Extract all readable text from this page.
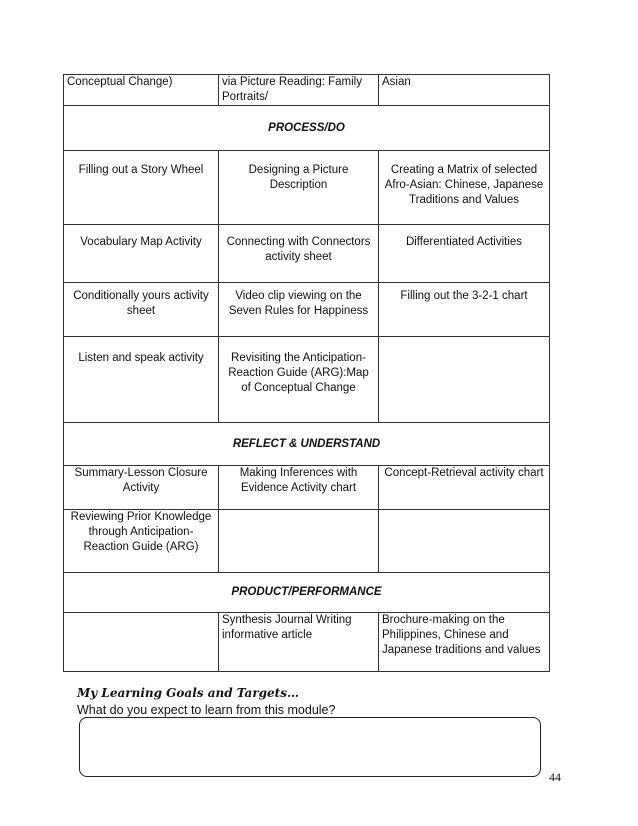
Conceptual Change)	via Picture Reading: Family Portraits/	Asian
PROCESS/DO		
Filling out a Story Wheel	Designing a Picture Description	Creating a Matrix of selected Afro-Asian: Chinese, Japanese Traditions and Values
Vocabulary Map Activity	Connecting with Connectors activity sheet	Differentiated Activities
Conditionally yours activity sheet	Video clip viewing on the Seven Rules for Happiness	Filling out the 3-2-1 chart
Listen and speak activity	Revisiting the Anticipation-Reaction Guide (ARG):Map of Conceptual Change	
REFLECT & UNDERSTAND		
Summary-Lesson Closure Activity	Making Inferences with Evidence Activity chart	Concept-Retrieval activity chart
Reviewing Prior Knowledge through Anticipation-Reaction Guide (ARG)		
PRODUCT/PERFORMANCE		
	Synthesis Journal Writing informative article	Brochure-making on the Philippines, Chinese and Japanese traditions and values
My Learning Goals and Targets…
What do you expect to learn from this module?
44
